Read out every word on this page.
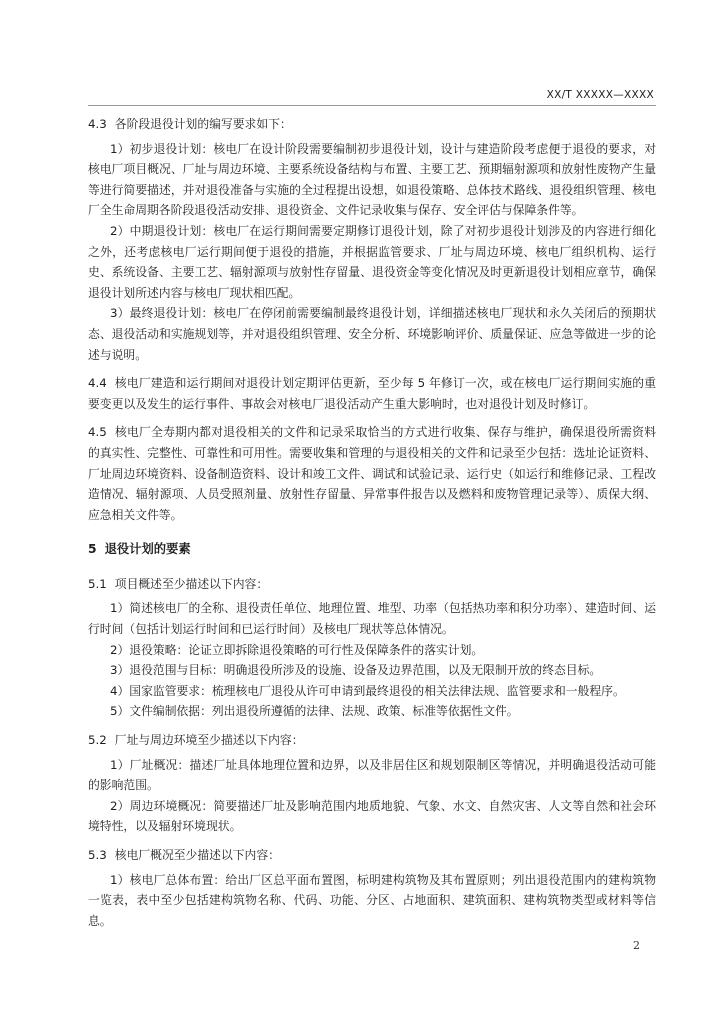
XX/T XXXXX—XXXX

4.3 各阶段退役计划的编写要求如下：

1）初步退役计划：核电厂在设计阶段需要编制初步退役计划，设计与建造阶段考虑便于退役的要求，对核电厂项目概况、厂址与周边环境、主要系统设备结构与布置、主要工艺、预期辐射源项和放射性废物产生量等进行简要描述，并对退役准备与实施的全过程提出设想，如退役策略、总体技术路线、退役组织管理、核电厂全生命周期各阶段退役活动安排、退役资金、文件记录收集与保存、安全评估与保障条件等。

2）中期退役计划：核电厂在运行期间需要定期修订退役计划，除了对初步退役计划涉及的内容进行细化之外，还考虑核电厂运行期间便于退役的措施，并根据监管要求、厂址与周边环境、核电厂组织机构、运行史、系统设备、主要工艺、辐射源项与放射性存留量、退役资金等变化情况及时更新退役计划相应章节，确保退役计划所述内容与核电厂现状相匹配。

3）最终退役计划：核电厂在停闭前需要编制最终退役计划，详细描述核电厂现状和永久关闭后的预期状态、退役活动和实施规划等，并对退役组织管理、安全分析、环境影响评价、质量保证、应急等做进一步的论述与说明。

4.4 核电厂建造和运行期间对退役计划定期评估更新，至少每 5 年修订一次，或在核电厂运行期间实施的重要变更以及发生的运行事件、事故会对核电厂退役活动产生重大影响时，也对退役计划及时修订。

4.5 核电厂全寿期内都对退役相关的文件和记录采取恰当的方式进行收集、保存与维护，确保退役所需资料的真实性、完整性、可靠性和可用性。需要收集和管理的与退役相关的文件和记录至少包括：选址论证资料、厂址周边环境资料、设备制造资料、设计和竣工文件、调试和试验记录、运行史（如运行和维修记录、工程改造情况、辐射源项、人员受照剂量、放射性存留量、异常事件报告以及燃料和废物管理记录等）、质保大纲、应急相关文件等。

5 退役计划的要素

5.1 项目概述至少描述以下内容：

1）简述核电厂的全称、退役责任单位、地理位置、堆型、功率（包括热功率和积分功率）、建造时间、运行时间（包括计划运行时间和已运行时间）及核电厂现状等总体情况。

2）退役策略：论证立即拆除退役策略的可行性及保障条件的落实计划。

3）退役范围与目标：明确退役所涉及的设施、设备及边界范围，以及无限制开放的终态目标。

4）国家监管要求：梳理核电厂退役从许可申请到最终退役的相关法律法规、监管要求和一般程序。

5）文件编制依据：列出退役所遵循的法律、法规、政策、标准等依据性文件。

5.2 厂址与周边环境至少描述以下内容：

1）厂址概况：描述厂址具体地理位置和边界，以及非居住区和规划限制区等情况，并明确退役活动可能的影响范围。

2）周边环境概况：简要描述厂址及影响范围内地质地貌、气象、水文、自然灾害、人文等自然和社会环境特性，以及辐射环境现状。

5.3 核电厂概况至少描述以下内容：

1）核电厂总体布置：给出厂区总平面布置图，标明建构筑物及其布置原则；列出退役范围内的建构筑物一览表，表中至少包括建构筑物名称、代码、功能、分区、占地面积、建筑面积、建构筑物类型或材料等信息。

2
